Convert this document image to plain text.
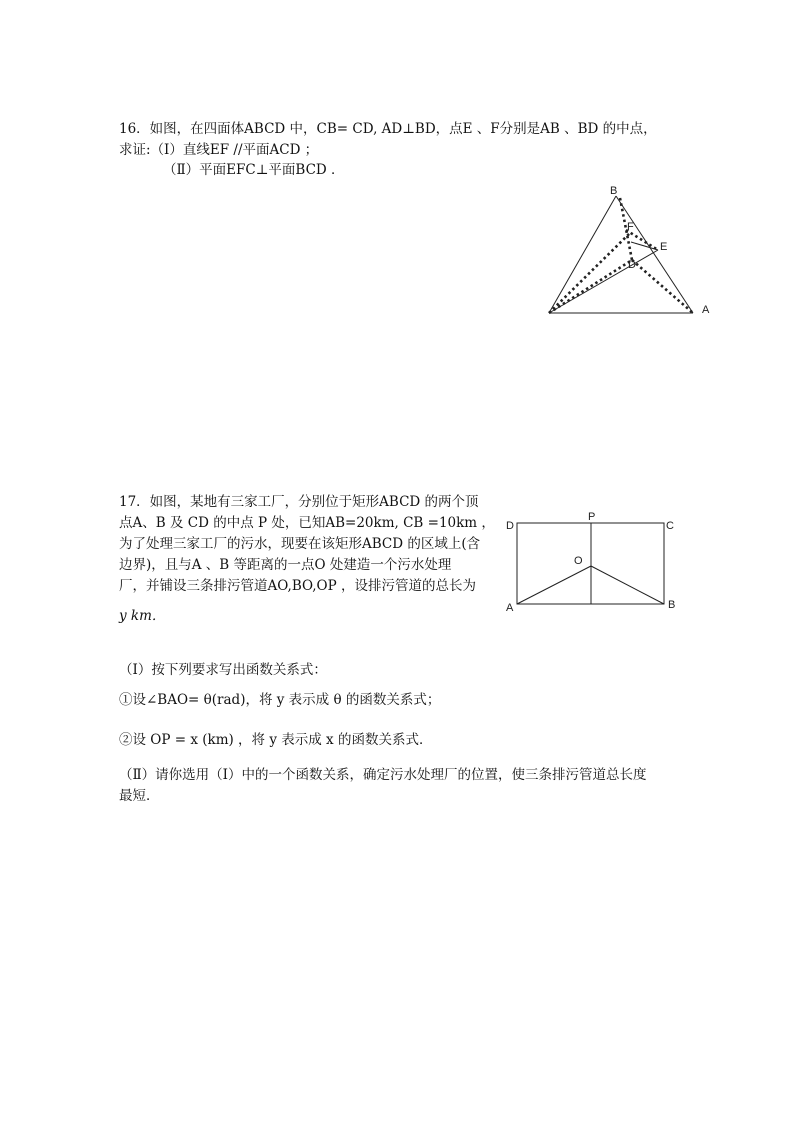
16．如图，在四面体ABCD 中，CB= CD, AD⊥BD，点E 、F分别是AB 、BD 的中点，
求证:（Ⅰ）直线EF //平面ACD ；
（Ⅱ）平面EFC⊥平面BCD ．
B
F
E
D
A
17．如图，某地有三家工厂，分别位于矩形ABCD 的两个顶
点A、B 及 CD 的中点 P 处，已知AB=20km, CB =10km ，
为了处理三家工厂的污水，现要在该矩形ABCD 的区域上(含
边界)，且与A 、B 等距离的一点O 处建造一个污水处理
厂，并铺设三条排污管道AO,BO,OP ，设排污管道的总长为
y km．
D
P
C
O
A	B
（Ⅰ）按下列要求写出函数关系式：
①设∠BAO= θ(rad)，将 y 表示成 θ 的函数关系式；
②设 OP = x (km) ，将 y 表示成 x 的函数关系式．
（Ⅱ）请你选用（Ⅰ）中的一个函数关系，确定污水处理厂的位置，使三条排污管道总长度
最短．
